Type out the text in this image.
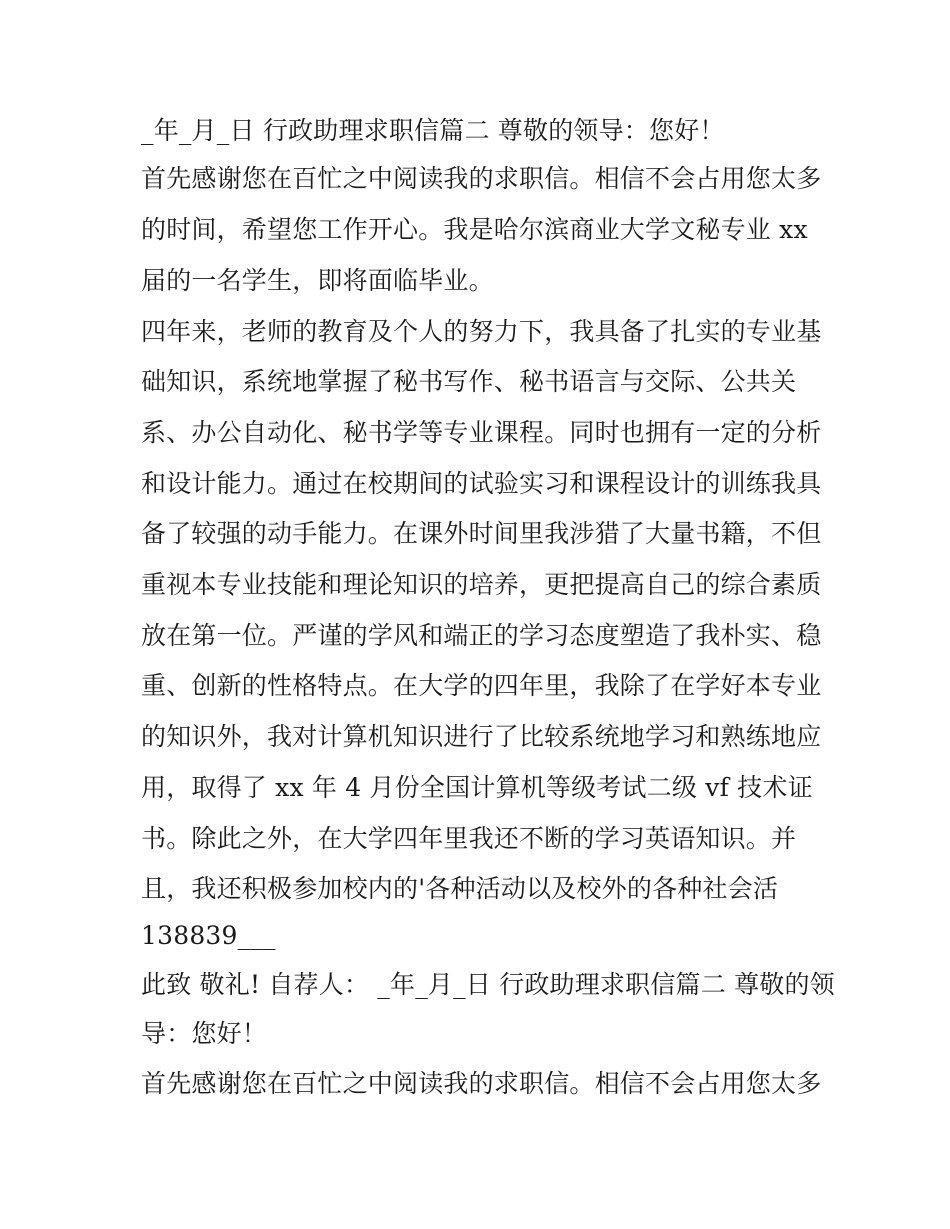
_年_月_日 行政助理求职信篇二 尊敬的领导：您好！
首先感谢您在百忙之中阅读我的求职信。相信不会占用您太多
的时间，希望您工作开心。我是哈尔滨商业大学文秘专业 xx
届的一名学生，即将面临毕业。
四年来，老师的教育及个人的努力下，我具备了扎实的专业基
础知识，系统地掌握了秘书写作、秘书语言与交际、公共关
系、办公自动化、秘书学等专业课程。同时也拥有一定的分析
和设计能力。通过在校期间的试验实习和课程设计的训练我具
备了较强的动手能力。在课外时间里我涉猎了大量书籍，不但
重视本专业技能和理论知识的培养，更把提高自己的综合素质
放在第一位。严谨的学风和端正的学习态度塑造了我朴实、稳
重、创新的性格特点。在大学的四年里，我除了在学好本专业
的知识外，我对计算机知识进行了比较系统地学习和熟练地应
用，取得了 xx 年 4 月份全国计算机等级考试二级 vf 技术证
书。除此之外，在大学四年里我还不断的学习英语知识。并
且，我还积极参加校内的'各种活动以及校外的各种社会活
138839___
此致 敬礼! 自荐人： _年_月_日 行政助理求职信篇二 尊敬的领
导：您好！
首先感谢您在百忙之中阅读我的求职信。相信不会占用您太多
